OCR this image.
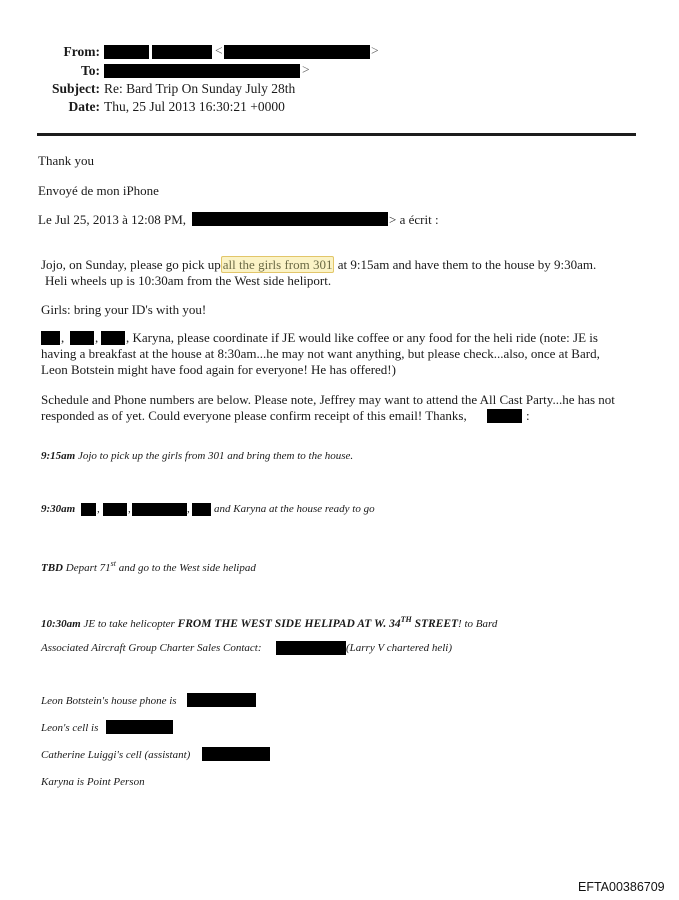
From:	<	>
To:	>
Subject: Re: Bard Trip On Sunday July 28th
Date: Thu, 25 Jul 2013 16:30:21 +0000
Thank you
Envoyé de mon iPhone
Le Jul 25, 2013 à 12:08 PM,	> a écrit :
Jojo, on Sunday, please go pick up all the girls from 301 at 9:15am and have them to the house by 9:30am.
Heli wheels up is 10:30am from the West side heliport.
Girls: bring your ID's with you!
, , , Karyna, please coordinate if JE would like coffee or any food for the heli ride (note: JE is
having a breakfast at the house at 8:30am...he may not want anything, but please check...also, once at Bard,
Leon Botstein might have food again for everyone! He has offered!)
Schedule and Phone numbers are below. Please note, Jeffrey may want to attend the All Cast Party...he has not
responded as of yet. Could everyone please confirm receipt of this email! Thanks,	:
9:15am Jojo to pick up the girls from 301 and bring them to the house.
9:30am ,	,	, and Karyna at the house ready to go
TBD Depart 71st and go to the West side helipad
10:30am JE to take helicopter FROM THE WEST SIDE HELIPAD AT W. 34TH STREET! to Bard
Associated Aircraft Group Charter Sales Contact:	(Larry V chartered heli)
Leon Botstein's house phone is
Leon's cell is
Catherine Luiggi's cell (assistant)
Karyna is Point Person
EFTA00386709
